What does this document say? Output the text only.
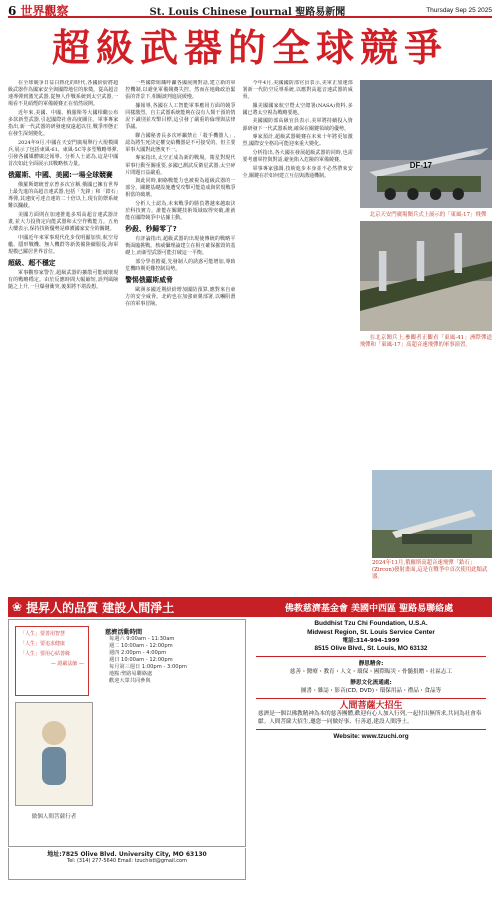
6 世界觀察	St. Louis Chinese Journal 聖路易新聞	Thursday Sep 25 2025
超級武器的全球競爭

在全球競爭日益白熱化的時代,各國紛紛將超級武器作為國家安全與國際地位的象徵。從高超音速導彈到激光武器,從無人作戰系統到太空武器,一場看不見硝煙的軍備競賽正在悄然展開。

近年來,美國、中國、俄羅斯等大國相繼公布多款新型武器,引起國際社會高度關注。軍事專家指出,新一代武器的研發速度遠超以往,戰爭形態正在發生深刻變化。

2024年9月,中國在天安門廣場舉行大規模閱兵,展示了包括東風-61、東風-5C等多型戰略導彈,引發各國媒體廣泛報導。分析人士認為,這是中國首次如此全面展示其戰略核力量。

俄羅斯、中國、美國:一場全球競賽

俄羅斯總統普京曾多次宣稱,俄國已擁有世界上最先進的高超音速武器,包括「先鋒」和「鋯石」導彈,其速度可達音速的二十倍以上,現有防禦系統難以攔截。

美國方面則在加速推進多項高超音速武器計畫,並大力投資定向能武器和太空作戰能力。五角大樓表示,保持技術優勢是維護國家安全的關鍵。

中國近年來軍事現代化步伐明顯加快,航空母艦、隱形戰機、無人機群等新裝備陸續服役,海軍規模已躍居世界首位。

超級、超不穩定

軍事觀察家警告,超級武器的擴散可能破壞現有的戰略穩定。由於反應時間大幅縮短,誤判風險隨之上升,一旦爆發衝突,後果將不堪設想。

一些國際組織呼籲各國展開對話,建立新的軍控機制,以避免軍備競賽失控。然而在地緣政治緊張的背景下,相關談判進展緩慢。

據報導,各國在人工智能軍事應用方面的競爭同樣激烈。自主武器系統能夠在沒有人類干預的情況下識別並攻擊目標,這引發了嚴重的倫理與法律爭議。

聯合國秘書長多次呼籲禁止「殺手機器人」,認為將生死決定權交給機器是不可接受的。但主要軍事大國對此態度不一。

專家指出,太空正成為新的戰場。衛星對現代軍事行動至關重要,多國已測試反衛星武器,太空碎片問題日益嚴重。

與此同時,網絡戰能力也被視為超級武器的一部分。關鍵基礎設施遭受攻擊可能造成與常規戰爭相當的破壞。

分析人士認為,未來戰爭的勝負將越來越取決於科技實力。誰能在關鍵技術領域取得突破,誰就能在國際競爭中佔據主動。

秒殺、秒歸零了?

有評論指出,超級武器的出現使傳統的戰略平衡面臨挑戰。核威懾理論建立在相互確保摧毀的基礎上,而新型武器可能打破這一平衡。

部分學者擔憂,先發制人的誘惑可能增加,導致危機時期更難控制局勢。

警惕俄羅斯威脅

歐洲多國近期紛紛增加國防預算,應對來自東方的安全威脅。北約也在加強東翼部署,以嚇阻潛在的軍事冒險。

今年4月,美國國防部官員表示,美軍正加速部署新一代防空反導系統,以應對高超音速武器的威脅。

據美國國家航空暨太空總署(NASA)資料,多國已將太空視為戰略要地。

美國國防部高級官員表示,美軍將持續投入資源研發下一代武器系統,確保在關鍵領域的優勢。

專家預計,超級武器競賽在未來十年將更加激烈,國際安全格局可能迎來重大變化。

分析指出,各大國在發展超級武器的同時,也需要考慮軍控與對話,避免陷入危險的軍備競賽。

軍事專家強調,技術進步本身並不必然帶來安全,關鍵在於如何建立互信與溝通機制。

DF-17

北京天安門廣場閱兵式上展示的「東風-17」飛彈

在北京閱兵上,參觀者正觀看「東風-41」洲際彈道飛彈和「東風-17」高超音速飛彈的軍事演習。

2024年11月,俄羅斯高超音速飛彈「鋯石」(Zircon)發射畫面,這是在戰爭中首次使用此類武器。

❀ 提昇人的品質 建設人間淨土	佛教慈濟基金會 美國中西區 聖路易聯絡處
「人生」要善用智慧
「人生」要追求健康
「人生」要用心結善緣
— 證嚴法師 —
做個人間菩薩行者
慈濟活動時間
每週六 9:00am - 11:30am
週二 10:00am - 12:00pm
週四 2:00pm - 4:00pm
週日 10:00am - 12:00pm
每月第三週日 1:00pm - 3:00pm
地點:聖路易聯絡處
歡迎大眾共同參與
地址:7825 Olive Blvd. University City, MO 63130
Tel: (314) 277-5640 Email: tzuchistl@gmail.com
Buddhist Tzu Chi Foundation, U.S.A.
Midwest Region, St. Louis Service Center
電話:314-994-1999
8515 Olive Blvd., St. Louis, MO 63132
靜思精舍:
慈善・醫療・教育・人文・環保・國際賑災・骨髓捐贈・社區志工
靜思文化流通處:
圖書・雜誌・影音(CD, DVD)・環保用品・禮品・食品等
人間菩薩大招生
慈濟是一個以佛教精神為本的慈善團體,歡迎有心人加入行列,一起付出無所求,共同為社會奉獻。人間菩薩大招生,邀您一同做好事、行善道,建設人間淨土。
Website: www.tzuchi.org
